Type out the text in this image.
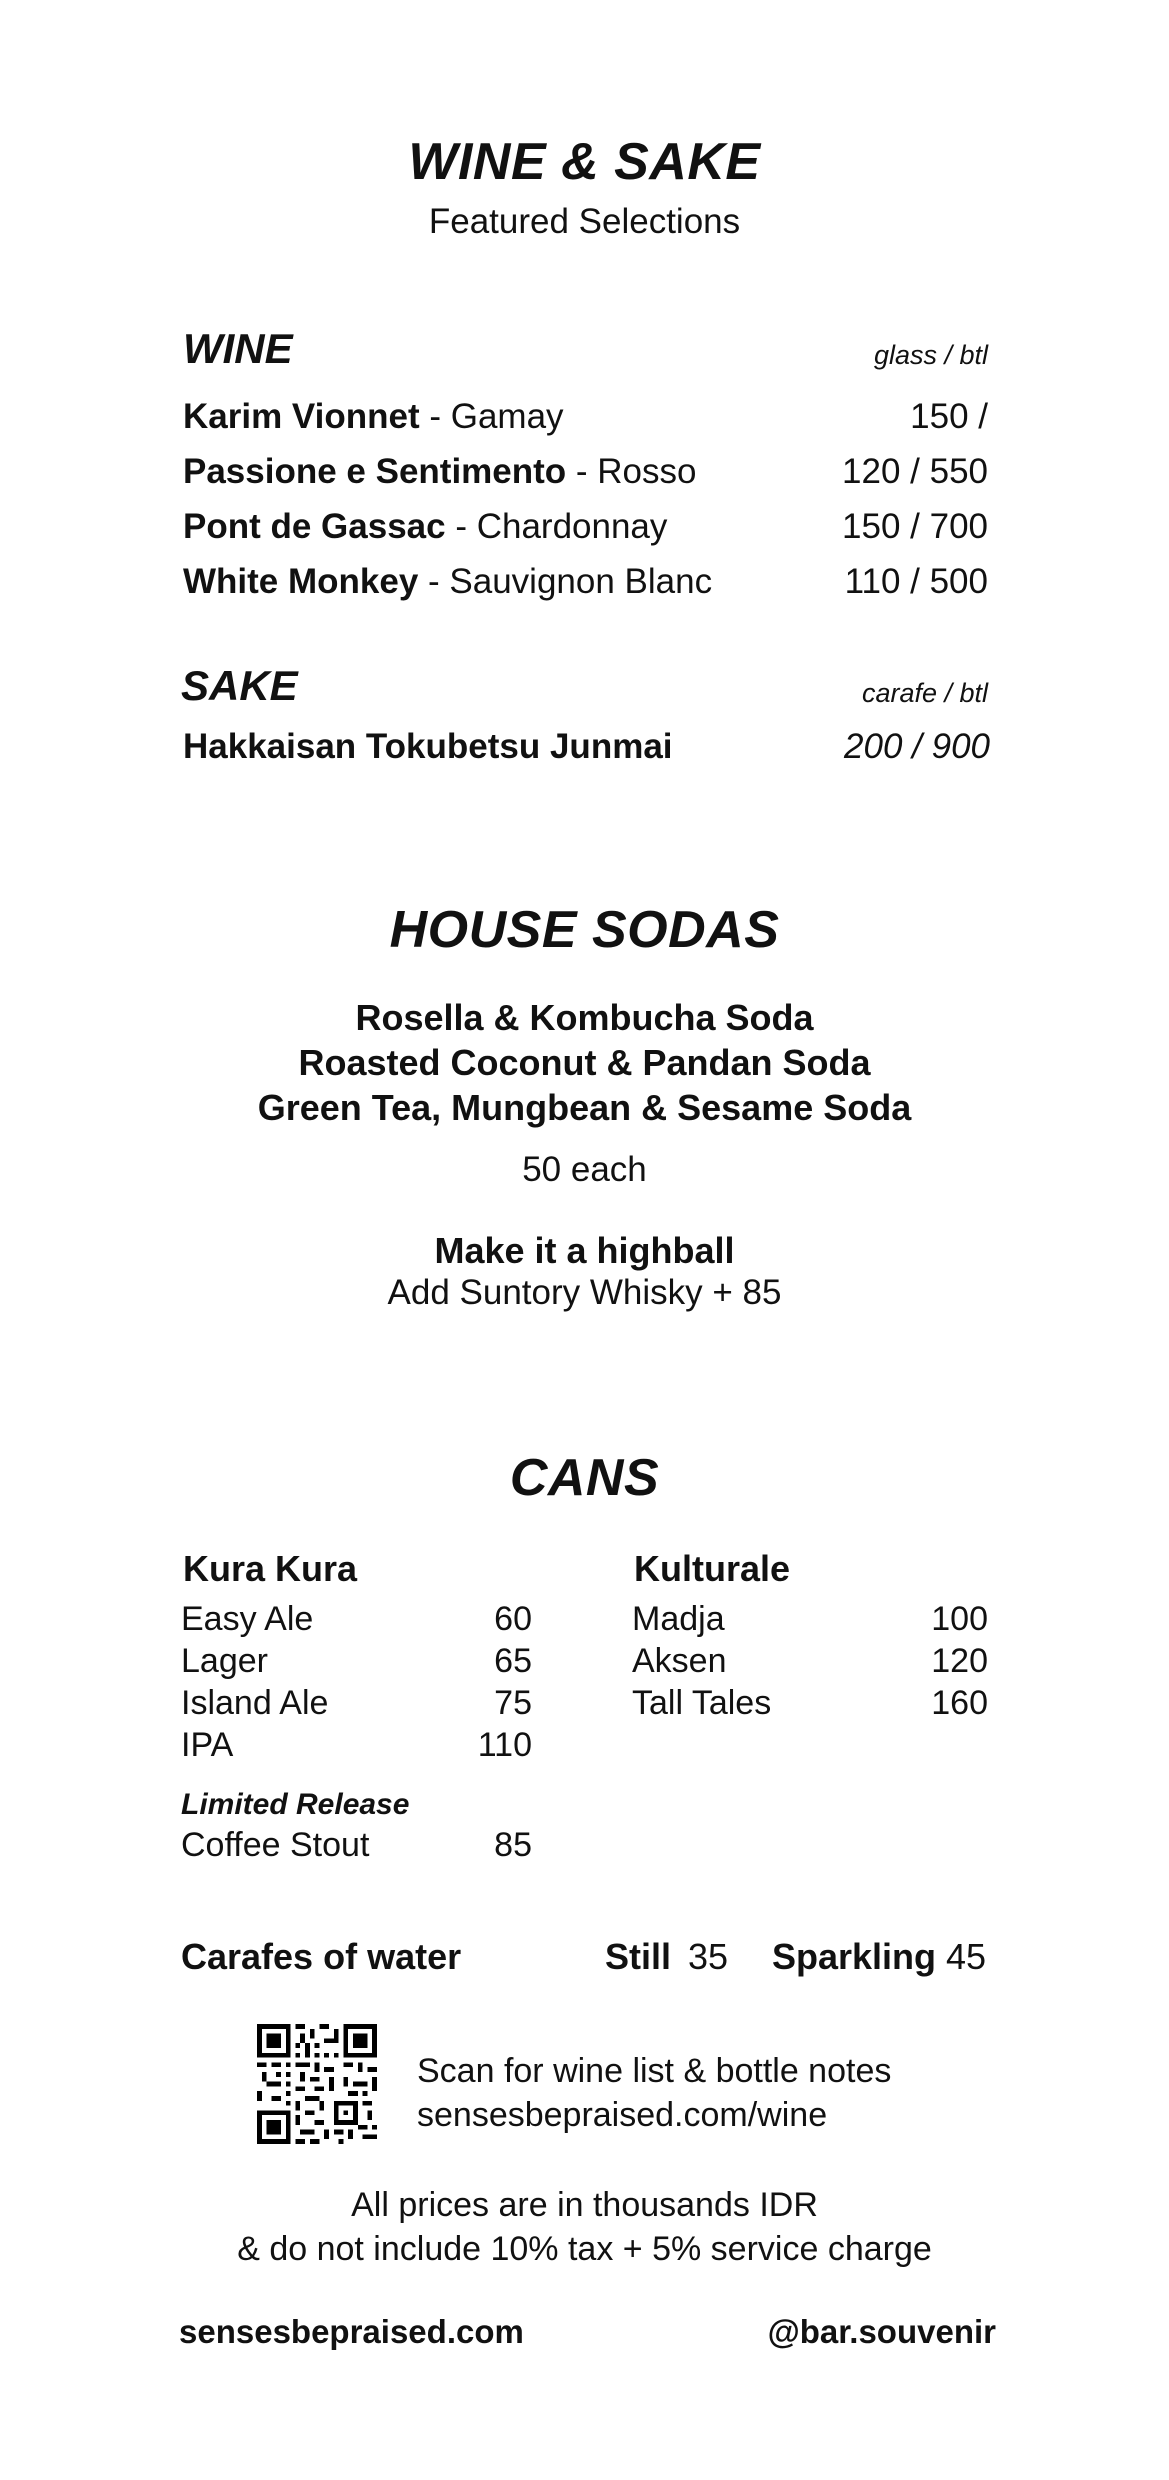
WINE & SAKE
Featured Selections
WINE	glass / btl
Karim Vionnet - Gamay	150 /
Passione e Sentimento - Rosso	120 / 550
Pont de Gassac - Chardonnay	150 / 700
White Monkey - Sauvignon Blanc	110 / 500
SAKE	carafe / btl
Hakkaisan Tokubetsu Junmai	200 / 900
HOUSE SODAS
Rosella & Kombucha Soda
Roasted Coconut & Pandan Soda
Green Tea, Mungbean & Sesame Soda
50 each
Make it a highball
Add Suntory Whisky + 85
CANS
Kura Kura
Easy Ale	60
Lager	65
Island Ale	75
IPA	110
Limited Release
Coffee Stout	85
Kulturale
Madja	100
Aksen	120
Tall Tales	160
Carafes of water	Still 35 Sparkling 45
Scan for wine list & bottle notes
sensesbepraised.com/wine
All prices are in thousands IDR
& do not include 10% tax + 5% service charge
sensesbepraised.com	@bar.souvenir
